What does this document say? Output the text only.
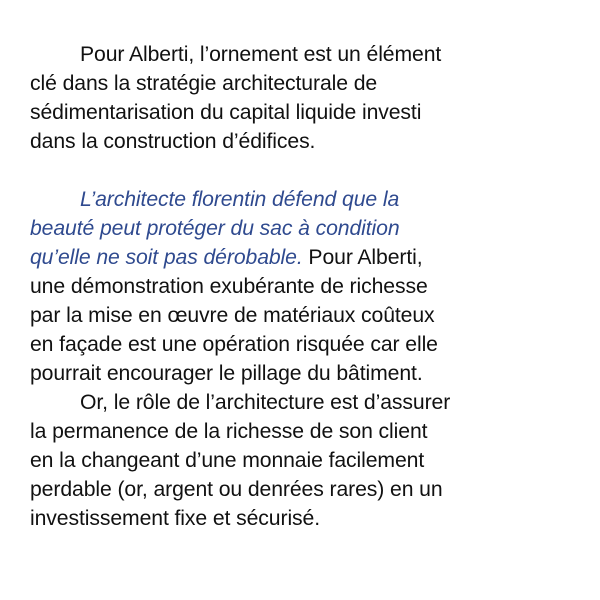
Pour Alberti, l’ornement est un élément
clé dans la stratégie architecturale de
sédimentarisation du capital liquide investi
dans la construction d’édifices.

L’architecte florentin défend que la
beauté peut protéger du sac à condition
qu’elle ne soit pas dérobable. Pour Alberti,
une démonstration exubérante de richesse
par la mise en œuvre de matériaux coûteux
en façade est une opération risquée car elle
pourrait encourager le pillage du bâtiment.

Or, le rôle de l’architecture est d’assurer
la permanence de la richesse de son client
en la changeant d’une monnaie facilement
perdable (or, argent ou denrées rares) en un
investissement fixe et sécurisé.
